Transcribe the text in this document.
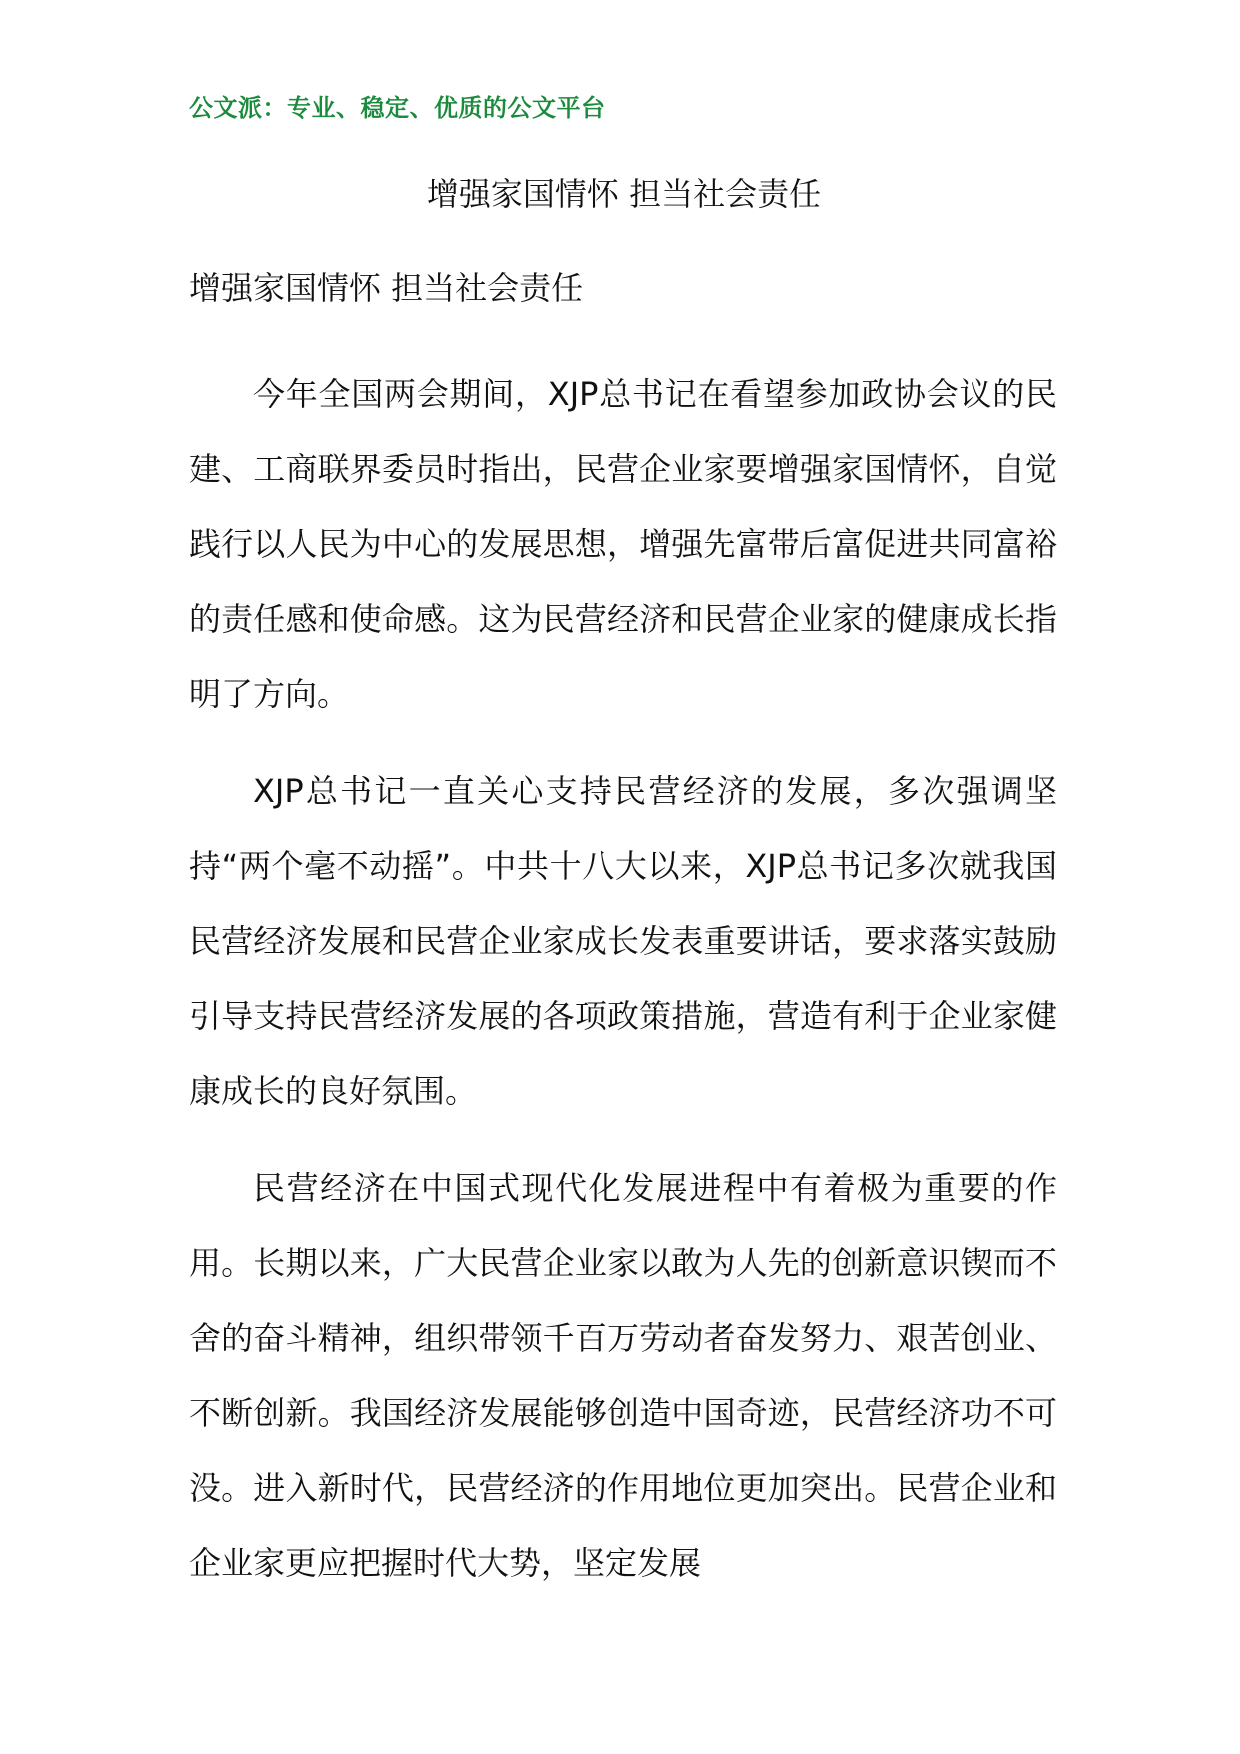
公文派：专业、稳定、优质的公文平台
增强家国情怀 担当社会责任
增强家国情怀 担当社会责任

今年全国两会期间，XJP总书记在看望参加政协会议的民建、工商联界委员时指出，民营企业家要增强家国情怀，自觉践行以人民为中心的发展思想，增强先富带后富促进共同富裕的责任感和使命感。这为民营经济和民营企业家的健康成长指明了方向。

XJP总书记一直关心支持民营经济的发展，多次强调坚持“两个毫不动摇”。中共十八大以来，XJP总书记多次就我国民营经济发展和民营企业家成长发表重要讲话，要求落实鼓励引导支持民营经济发展的各项政策措施，营造有利于企业家健康成长的良好氛围。

民营经济在中国式现代化发展进程中有着极为重要的作用。长期以来，广大民营企业家以敢为人先的创新意识锲而不舍的奋斗精神，组织带领千百万劳动者奋发努力、艰苦创业、不断创新。我国经济发展能够创造中国奇迹，民营经济功不可没。进入新时代，民营经济的作用地位更加突出。民营企业和企业家更应把握时代大势，坚定发展
